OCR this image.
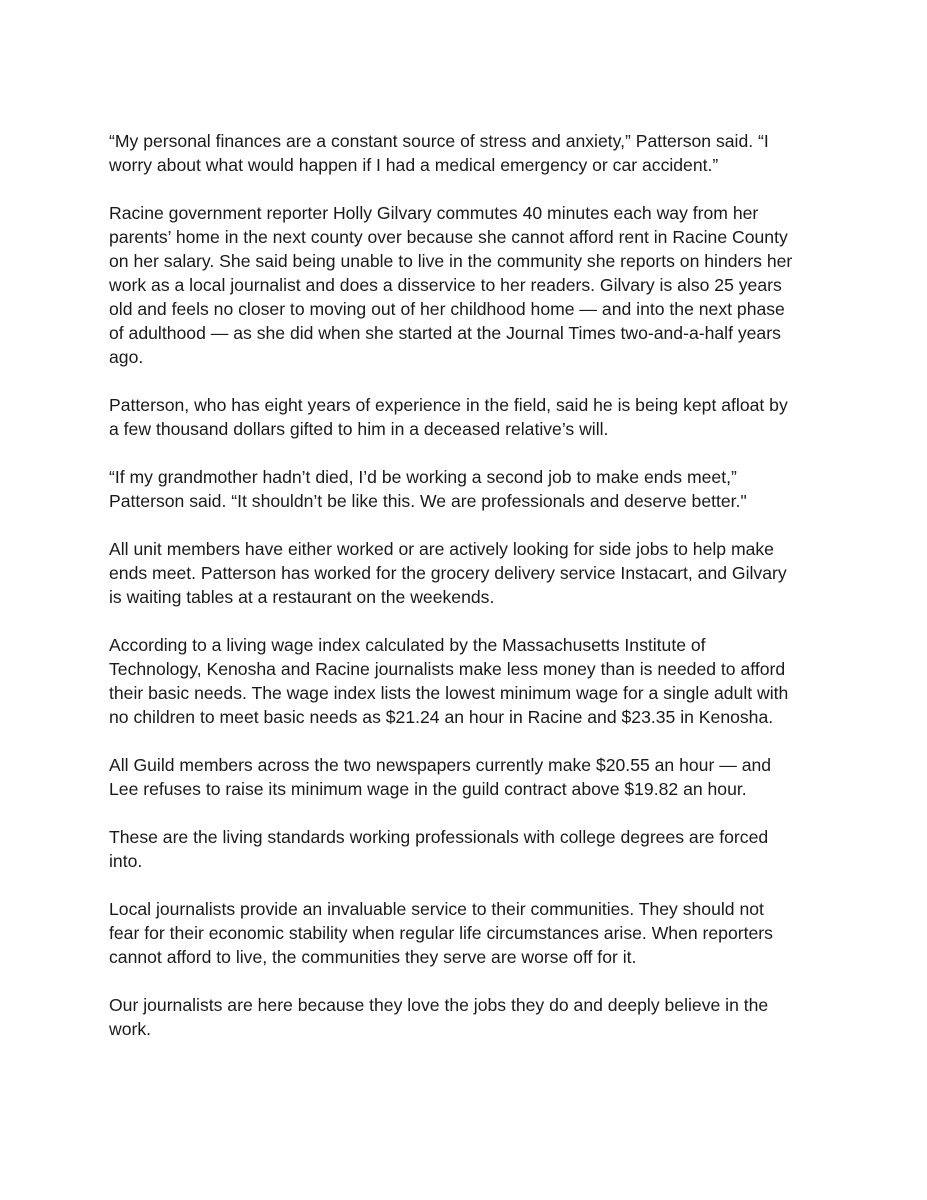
“My personal finances are a constant source of stress and anxiety,” Patterson said. “I
worry about what would happen if I had a medical emergency or car accident.”

Racine government reporter Holly Gilvary commutes 40 minutes each way from her
parents’ home in the next county over because she cannot afford rent in Racine County
on her salary. She said being unable to live in the community she reports on hinders her
work as a local journalist and does a disservice to her readers. Gilvary is also 25 years
old and feels no closer to moving out of her childhood home — and into the next phase
of adulthood — as she did when she started at the Journal Times two-and-a-half years
ago.

Patterson, who has eight years of experience in the field, said he is being kept afloat by
a few thousand dollars gifted to him in a deceased relative’s will.

“If my grandmother hadn’t died, I’d be working a second job to make ends meet,”
Patterson said. “It shouldn’t be like this. We are professionals and deserve better."

All unit members have either worked or are actively looking for side jobs to help make
ends meet. Patterson has worked for the grocery delivery service Instacart, and Gilvary
is waiting tables at a restaurant on the weekends.

According to a living wage index calculated by the Massachusetts Institute of
Technology, Kenosha and Racine journalists make less money than is needed to afford
their basic needs. The wage index lists the lowest minimum wage for a single adult with
no children to meet basic needs as $21.24 an hour in Racine and $23.35 in Kenosha.

All Guild members across the two newspapers currently make $20.55 an hour — and
Lee refuses to raise its minimum wage in the guild contract above $19.82 an hour.

These are the living standards working professionals with college degrees are forced
into.

Local journalists provide an invaluable service to their communities. They should not
fear for their economic stability when regular life circumstances arise. When reporters
cannot afford to live, the communities they serve are worse off for it.

Our journalists are here because they love the jobs they do and deeply believe in the
work.
